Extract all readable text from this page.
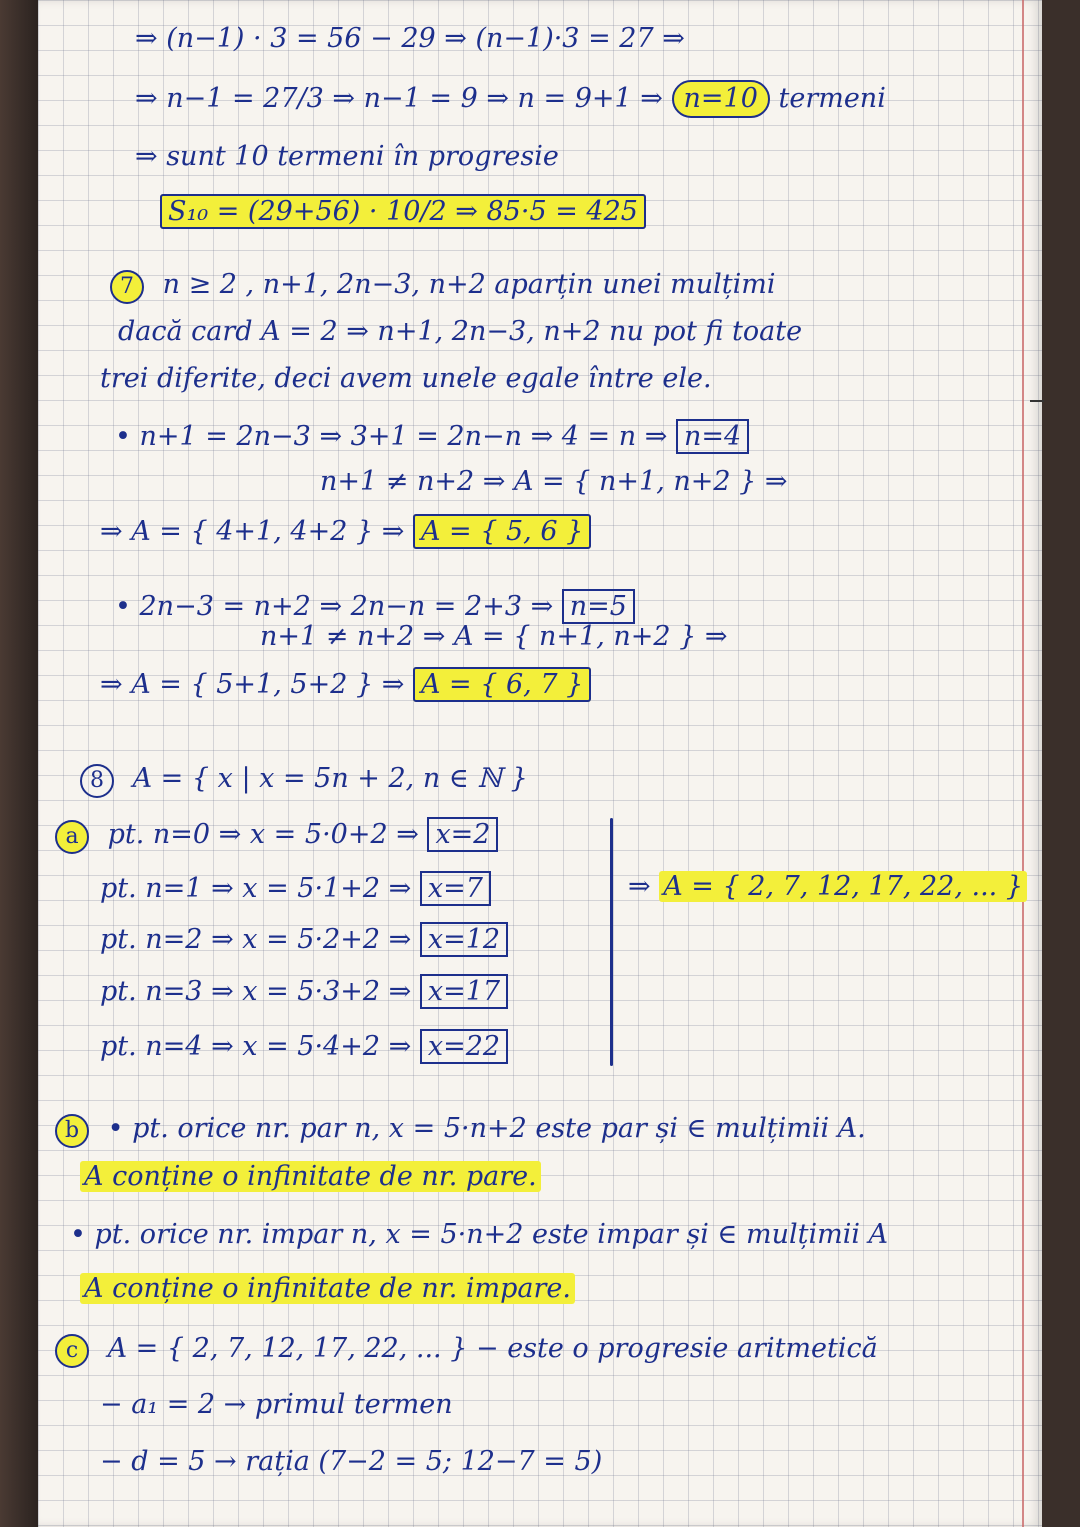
⇒ (n−1) · 3 = 56 − 29 ⇒ (n−1)·3 = 27 ⇒
⇒ n−1 = 27/3 ⇒ n−1 = 9 ⇒ n = 9+1 ⇒ n=10 termeni
⇒ sunt 10 termeni în progresie
S₁₀ = (29+56) · 10/2 ⇒ 85·5 = 425
7 n ≥ 2 , n+1, 2n−3, n+2 aparțin unei mulțimi
dacă card A = 2 ⇒ n+1, 2n−3, n+2 nu pot fi toate
trei diferite, deci avem unele egale între ele.
• n+1 = 2n−3 ⇒ 3+1 = 2n−n ⇒ 4 = n ⇒ n=4
n+1 ≠ n+2 ⇒ A = { n+1, n+2 } ⇒
⇒ A = { 4+1, 4+2 } ⇒ A = { 5, 6 }
• 2n−3 = n+2 ⇒ 2n−n = 2+3 ⇒ n=5
n+1 ≠ n+2 ⇒ A = { n+1, n+2 } ⇒
⇒ A = { 5+1, 5+2 } ⇒ A = { 6, 7 }
8 A = { x | x = 5n + 2, n ∈ ℕ }
a pt. n=0 ⇒ x = 5·0+2 ⇒ x=2
pt. n=1 ⇒ x = 5·1+2 ⇒ x=7	⇒ A = { 2, 7, 12, 17, 22, ... }
pt. n=2 ⇒ x = 5·2+2 ⇒ x=12
pt. n=3 ⇒ x = 5·3+2 ⇒ x=17
pt. n=4 ⇒ x = 5·4+2 ⇒ x=22
b • pt. orice nr. par n, x = 5·n+2 este par și ∈ mulțimii A.
A conține o infinitate de nr. pare.
• pt. orice nr. impar n, x = 5·n+2 este impar și ∈ mulțimii A
A conține o infinitate de nr. impare.
c A = { 2, 7, 12, 17, 22, ... } − este o progresie aritmetică
− a₁ = 2 → primul termen
− d = 5 → rația (7−2 = 5; 12−7 = 5)
